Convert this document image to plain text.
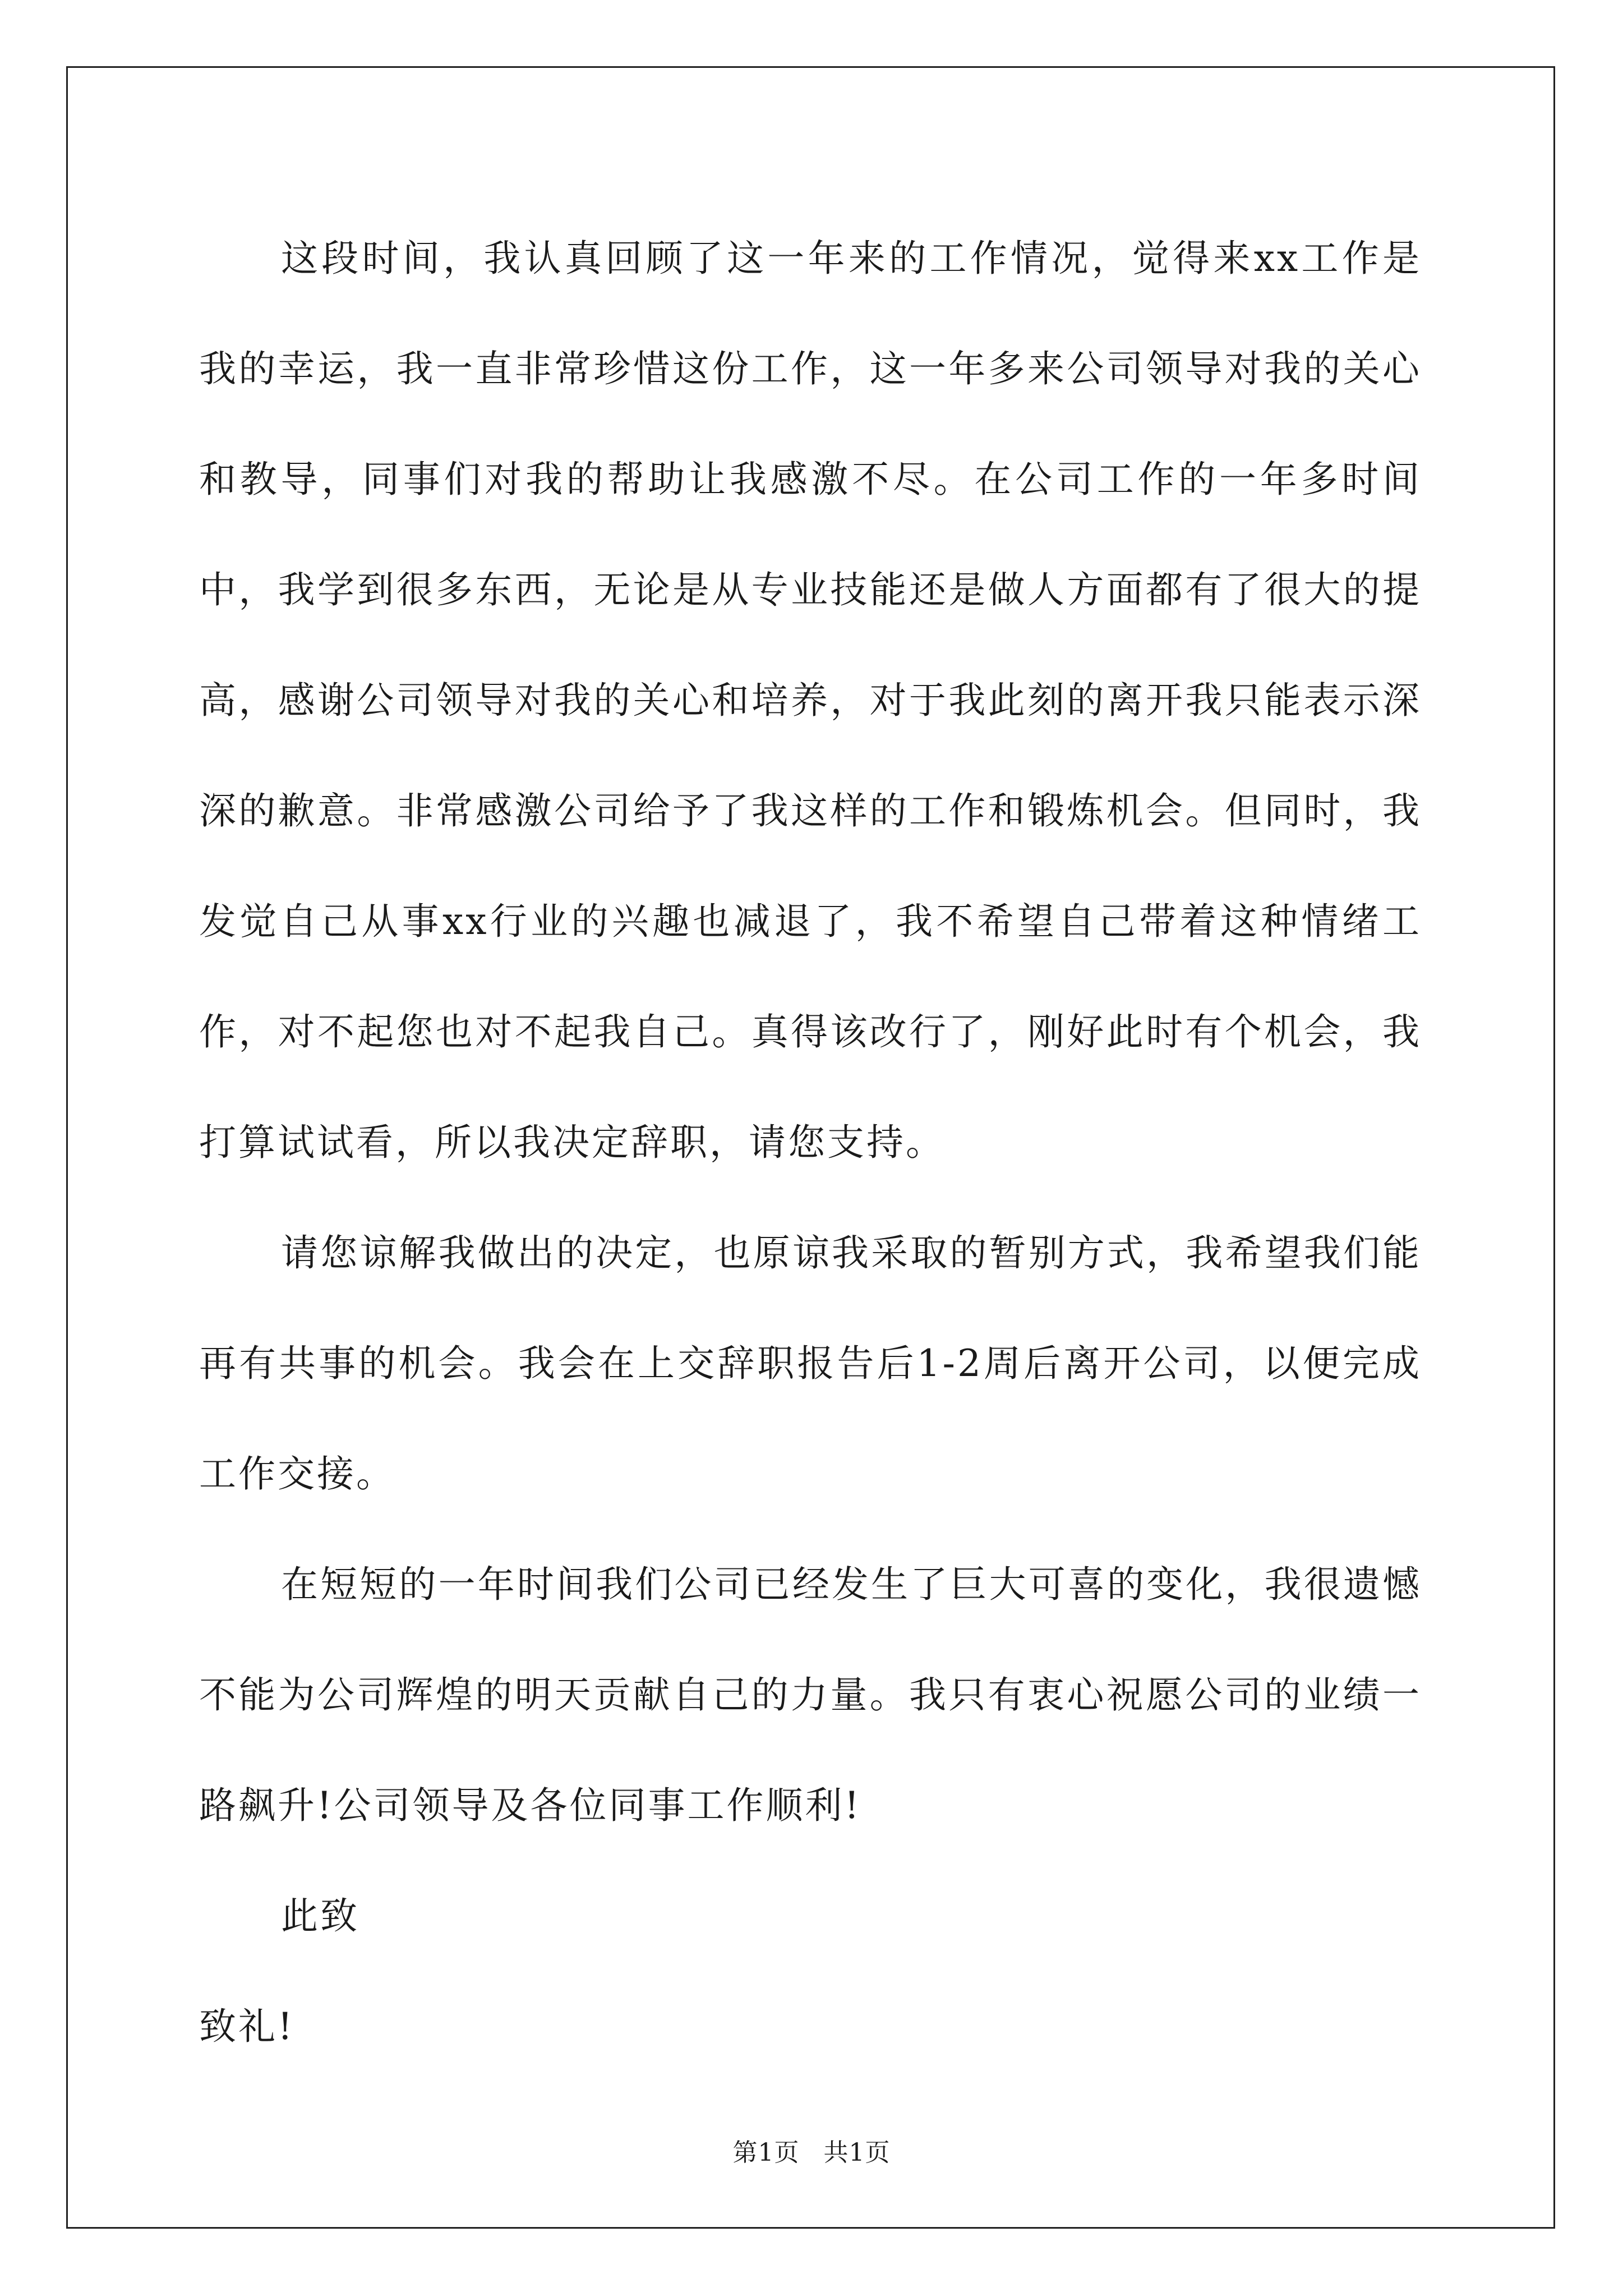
这段时间，我认真回顾了这一年来的工作情况，觉得来xx工作是我的幸运，我一直非常珍惜这份工作，这一年多来公司领导对我的关心和教导，同事们对我的帮助让我感激不尽。在公司工作的一年多时间中，我学到很多东西，无论是从专业技能还是做人方面都有了很大的提高，感谢公司领导对我的关心和培养，对于我此刻的离开我只能表示深深的歉意。非常感激公司给予了我这样的工作和锻炼机会。但同时，我发觉自己从事xx行业的兴趣也减退了，我不希望自己带着这种情绪工作，对不起您也对不起我自己。真得该改行了，刚好此时有个机会，我打算试试看，所以我决定辞职，请您支持。

请您谅解我做出的决定，也原谅我采取的暂别方式，我希望我们能再有共事的机会。我会在上交辞职报告后1-2周后离开公司，以便完成工作交接。

在短短的一年时间我们公司已经发生了巨大可喜的变化，我很遗憾不能为公司辉煌的明天贡献自己的力量。我只有衷心祝愿公司的业绩一路飙升!公司领导及各位同事工作顺利!

此致

致礼!

第1页 共1页
